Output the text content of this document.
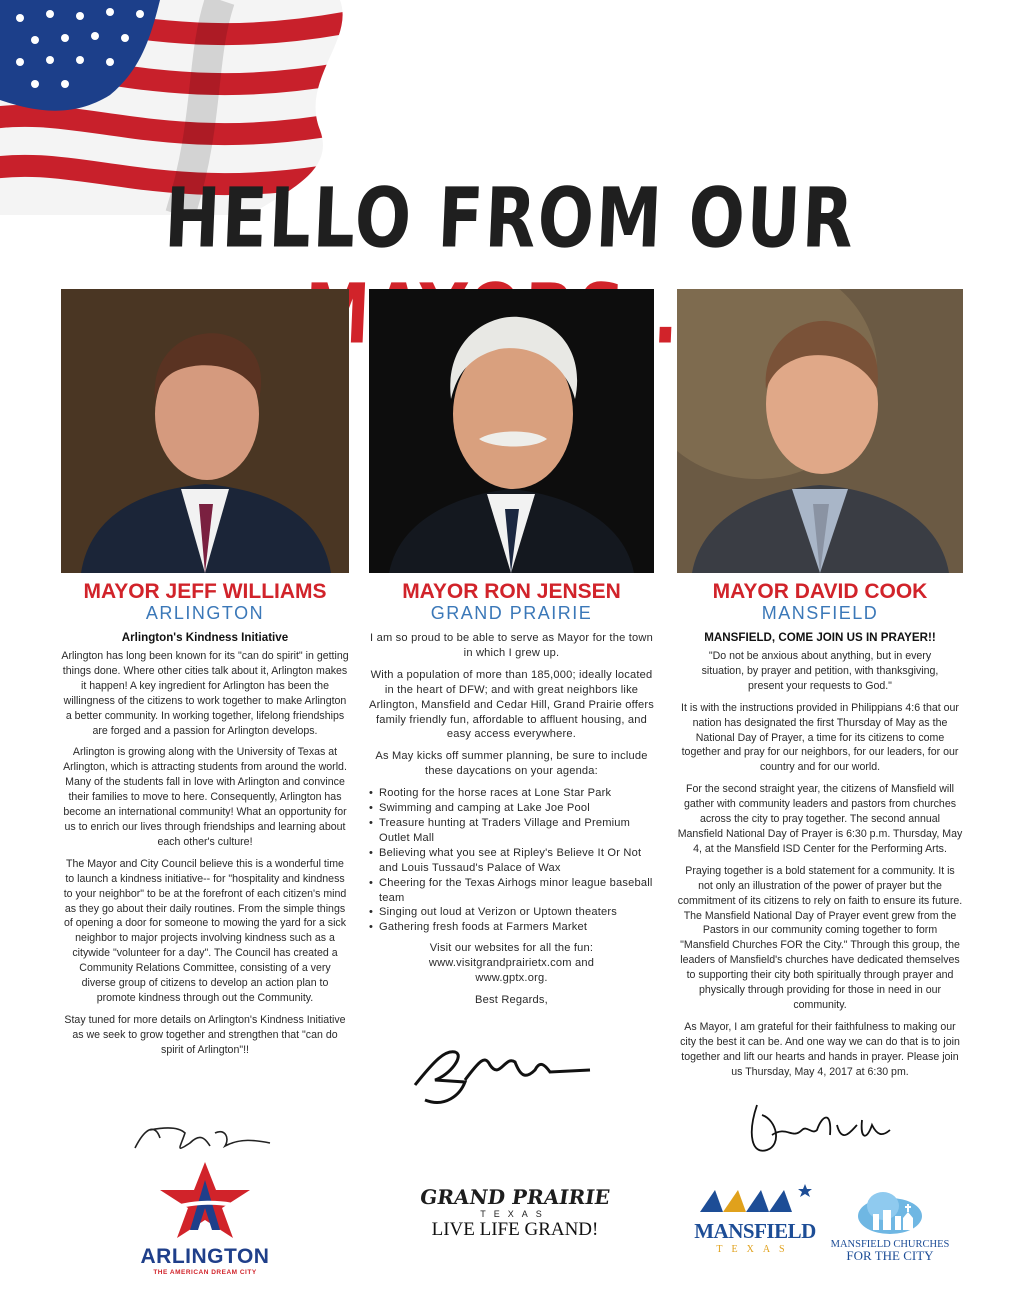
HELLO FROM OUR
MAYOR JEFF WILLIAMS
ARLINGTON
Arlington's Kindness Initiative

Arlington has long been known for its "can do spirit" in getting things done. Where other cities talk about it, Arlington makes it happen! A key ingredient for Arlington has been the willingness of the citizens to work together to make Arlington a better community. In working together, lifelong friendships are forged and a passion for Arlington develops.

Arlington is growing along with the University of Texas at Arlington, which is attracting students from around the world. Many of the students fall in love with Arlington and convince their families to move to here. Consequently, Arlington has become an international community! What an opportunity for us to enrich our lives through friendships and learning about each other's culture!

The Mayor and City Council believe this is a wonderful time to launch a kindness initiative-- for "hospitality and kindness to your neighbor" to be at the forefront of each citizen's mind as they go about their daily routines. From the simple things of opening a door for someone to mowing the yard for a sick neighbor to major projects involving kindness such as a citywide "volunteer for a day". The Council has created a Community Relations Committee, consisting of a very diverse group of citizens to develop an action plan to promote kindness through out the Community.

Stay tuned for more details on Arlington's Kindness Initiative as we seek to grow together and strengthen that "can do spirit of Arlington"!!

MAYOR RON JENSEN
GRAND PRAIRIE

I am so proud to be able to serve as Mayor for the town in which I grew up.

With a population of more than 185,000; ideally located in the heart of DFW; and with great neighbors like Arlington, Mansfield and Cedar Hill, Grand Prairie offers family friendly fun, affordable to affluent housing, and easy access everywhere.

As May kicks off summer planning, be sure to include these daycations on your agenda:

• Rooting for the horse races at Lone Star Park
• Swimming and camping at Lake Joe Pool
• Treasure hunting at Traders Village and Premium Outlet Mall
• Believing what you see at Ripley's Believe It Or Not and Louis Tussaud's Palace of Wax
• Cheering for the Texas Airhogs minor league baseball team
• Singing out loud at Verizon or Uptown theaters
• Gathering fresh foods at Farmers Market

Visit our websites for all the fun: www.visitgrandprairietx.com and www.gptx.org.

Best Regards,

MAYOR DAVID COOK
MANSFIELD
MANSFIELD, COME JOIN US IN PRAYER!!

"Do not be anxious about anything, but in every situation, by prayer and petition, with thanksgiving, present your requests to God."

It is with the instructions provided in Philippians 4:6 that our nation has designated the first Thursday of May as the National Day of Prayer, a time for its citizens to come together and pray for our neighbors, for our leaders, for our country and for our world.

For the second straight year, the citizens of Mansfield will gather with community leaders and pastors from churches across the city to pray together. The second annual Mansfield National Day of Prayer is 6:30 p.m. Thursday, May 4, at the Mansfield ISD Center for the Performing Arts.

Praying together is a bold statement for a community. It is not only an illustration of the power of prayer but the commitment of its citizens to rely on faith to ensure its future. The Mansfield National Day of Prayer event grew from the Pastors in our community coming together to form "Mansfield Churches FOR the City." Through this group, the leaders of Mansfield's churches have dedicated themselves to supporting their city both spiritually through prayer and physically through providing for those in need in our community.

As Mayor, I am grateful for their faithfulness to making our city the best it can be. And one way we can do that is to join together and lift our hearts and hands in prayer. Please join us Thursday, May 4, 2017 at 6:30 pm.

ARLINGTON
THE AMERICAN DREAM CITY
GRAND PRAIRIE
TEXAS
LIVE LIFE GRAND!	MANSFIELD
TEXAS	MANSFIELD CHURCHES
FOR THE CITY
